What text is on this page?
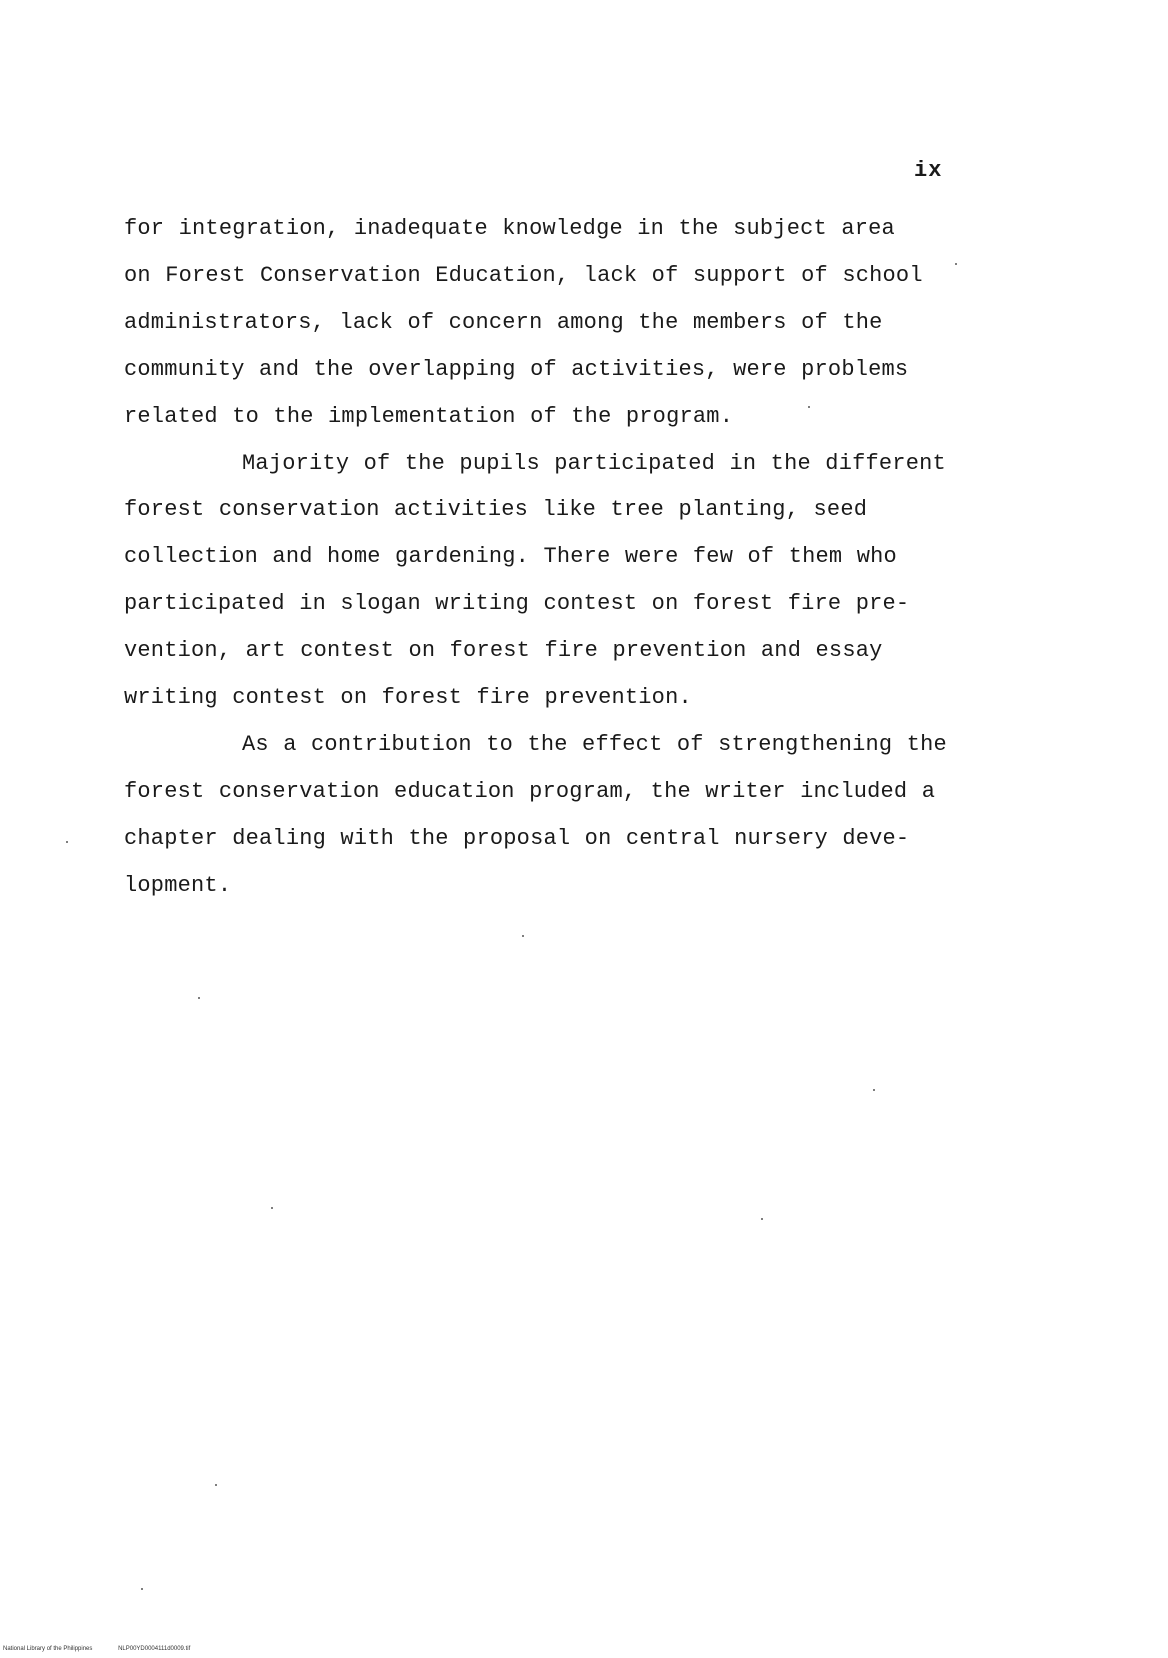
ix
for integration, inadequate knowledge in the subject area
on Forest Conservation Education, lack of support of school
administrators, lack of concern among the members of the
community and the overlapping of activities, were problems
related to the implementation of the program.
Majority of the pupils participated in the different
forest conservation activities like tree planting, seed
collection and home gardening. There were few of them who
participated in slogan writing contest on forest fire pre-
vention, art contest on forest fire prevention and essay
writing contest on forest fire prevention.
As a contribution to the effect of strengthening the
forest conservation education program, the writer included a
chapter dealing with the proposal on central nursery deve-
lopment.
National Library of the Philippines	NLP00YD0004111d0009.tif
